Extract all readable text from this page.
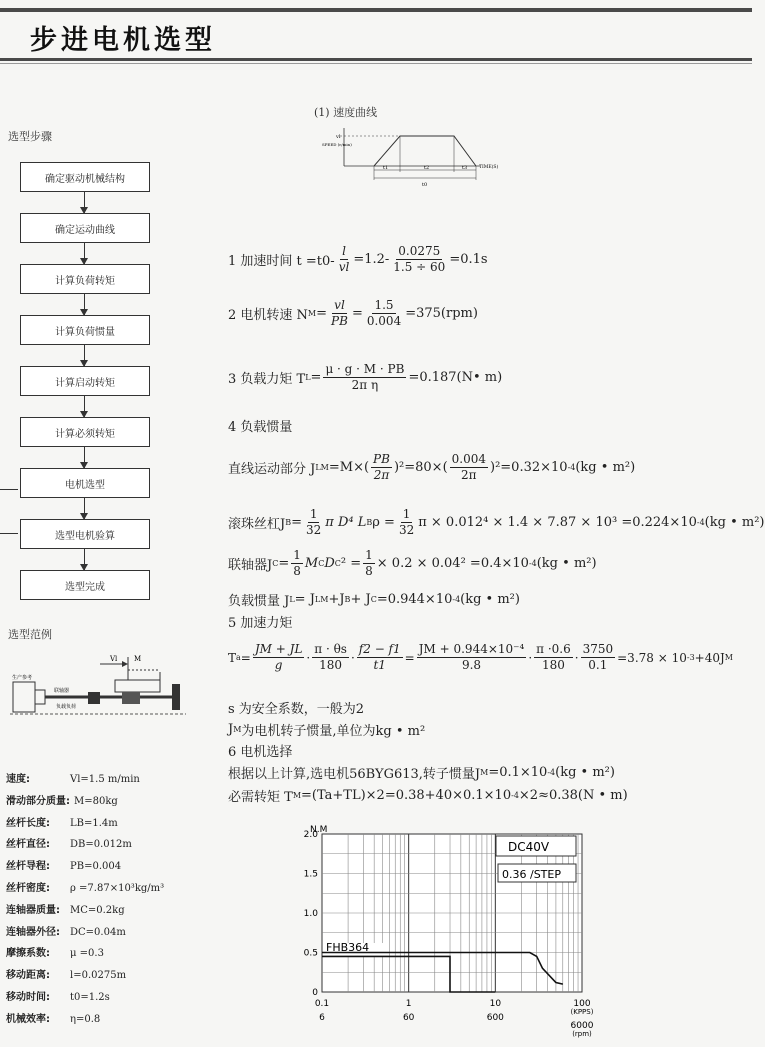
步进电机选型
选型步骤
确定驱动机械结构
确定运动曲线
计算负荷转矩
计算负荷惯量
计算启动转矩
计算必须转矩
电机选型
选型电机验算
选型完成
选型范例
Vl M
生产参考
联轴器
负载负荷
速度:	Vl=1.5 m/min
滑动部分质量: M=80kg
丝杆长度: LB=1.4m
丝杆直径: DB=0.012m
丝杆导程: PB=0.004
丝杆密度: ρ =7.87×10³kg/m³
连轴器质量: MC=0.2kg
连轴器外径: DC=0.04m
摩擦系数: μ =0.3
移动距离: l=0.0275m
移动时间: t0=1.2s
机械效率: η=0.8
(1) 速度曲线
vl
SPEED (r/min)
TIME(S)
t1	t2	t3
t0
1 加速时间 $t =t0- \frac{l}{vl} =1.2- \frac{0.0275}{1.5 \div 60} =0.1s$
2 电机转速 N $M = \frac{vl}{PB} = \frac{1.5}{0.004} =375(rpm)$
3 负载力矩 T $L = \frac{\mu \cdot g \cdot M \cdot PB}{\text{2π η}}$ =0.187(N• m)
4 负载惯量
直线运动部分 J LM $=M\times( \frac{PB}{2\pi} )^2=80\times( \frac{0.004}{2\pi} )^2=0.32\times 10$ -4 (kg • m²)
滚珠丝杠J $B = \frac{1}{32}$ π D⁴ L B $\rho = \frac{1}{32}$ π × 0.012⁴ × 1.4 × 7.87 × 10³ =0.224×10 -4 (kg • m²)
联轴器J $C = \frac{1}{8}$ M C D C $^2 = \frac{1}{8} \times 0.2 \times 0.04^2 =0.4\times 10$ -4 (kg • m²)
负载惯量 J L = J LM +J B + J C =0.944×10 -4 (kg • m²)
5 加速力矩
T $a = \frac{JM + JL}{g} \cdot \frac{\pi \cdot \theta s}{180} \cdot \frac{f2 - f1}{t1} = \frac{\text{JM + 0.944×10⁻⁴}}{9.8} \cdot \frac{\pi \cdot 0.6}{180} \cdot \frac{3750}{0.1} =3.78 \times 10$ -3 +40J M
s 为安全系数，一般为2
J M 为电机转子惯量,单位为kg • m²
6 电机选择
根据以上计算,选电机56BYG613,转子惯量J M =0.1×10 -4 (kg • m²)
必需转矩 T M =(Ta+TL)×2=0.38+40×0.1×10 -4 ×2≈0.38(N • m)
2.0
1.5
1.0
0.5
0
N.M
0.1	1	10	100
6	60	600
6000
(KPPS)
(rpm)
DC40V
0.36 /STEP
FHB364
